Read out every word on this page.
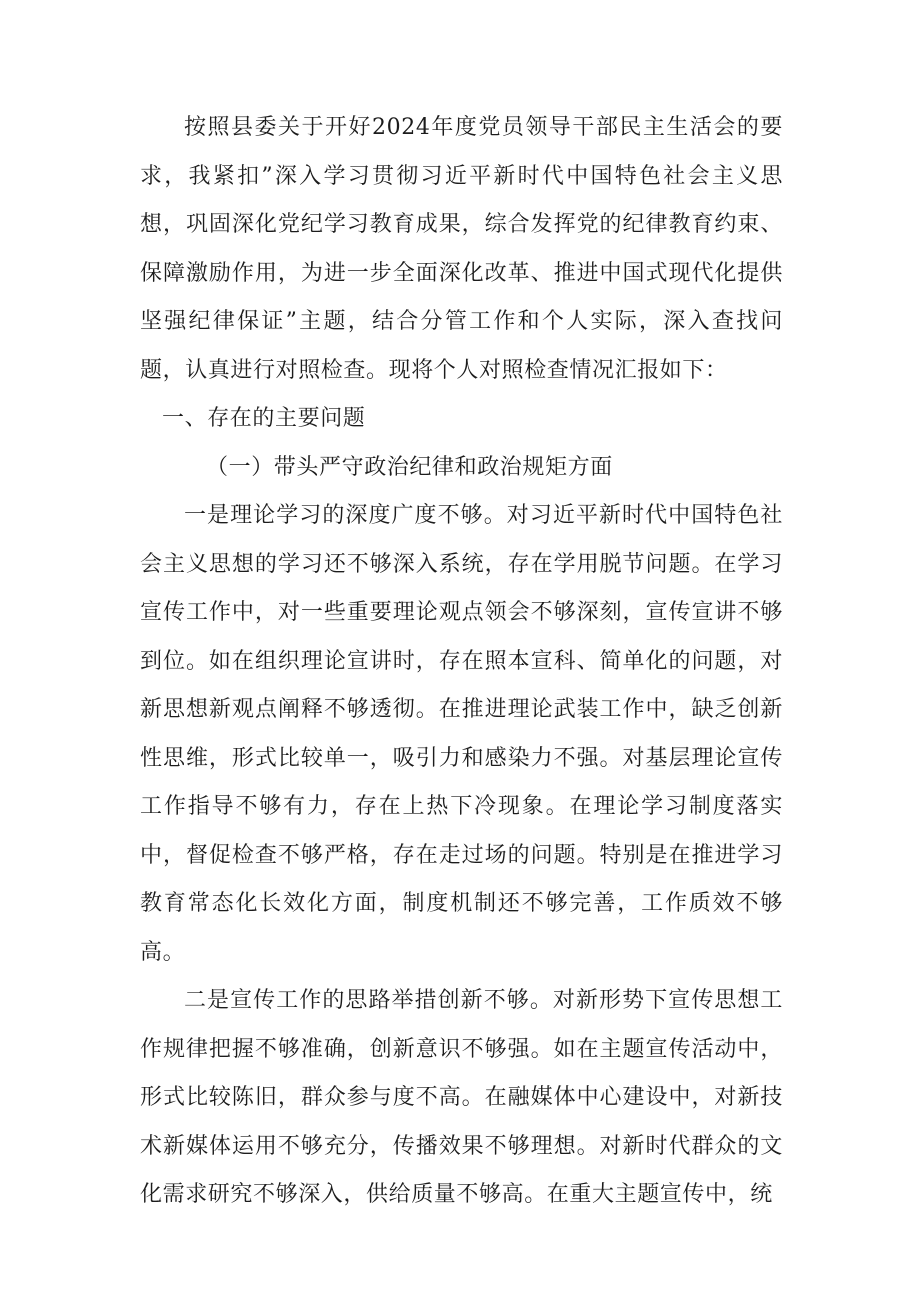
按照县委关于开好2024年度党员领导干部民主生活会的要求，我紧扣”深入学习贯彻习近平新时代中国特色社会主义思想，巩固深化党纪学习教育成果，综合发挥党的纪律教育约束、保障激励作用，为进一步全面深化改革、推进中国式现代化提供坚强纪律保证”主题，结合分管工作和个人实际，深入查找问题，认真进行对照检查。现将个人对照检查情况汇报如下：

一、存在的主要问题

（一）带头严守政治纪律和政治规矩方面

一是理论学习的深度广度不够。对习近平新时代中国特色社会主义思想的学习还不够深入系统，存在学用脱节问题。在学习宣传工作中，对一些重要理论观点领会不够深刻，宣传宣讲不够到位。如在组织理论宣讲时，存在照本宣科、简单化的问题，对新思想新观点阐释不够透彻。在推进理论武装工作中，缺乏创新性思维，形式比较单一，吸引力和感染力不强。对基层理论宣传工作指导不够有力，存在上热下冷现象。在理论学习制度落实中，督促检查不够严格，存在走过场的问题。特别是在推进学习教育常态化长效化方面，制度机制还不够完善，工作质效不够高。

二是宣传工作的思路举措创新不够。对新形势下宣传思想工作规律把握不够准确，创新意识不够强。如在主题宣传活动中，形式比较陈旧，群众参与度不高。在融媒体中心建设中，对新技术新媒体运用不够充分，传播效果不够理想。对新时代群众的文化需求研究不够深入，供给质量不够高。在重大主题宣传中，统
